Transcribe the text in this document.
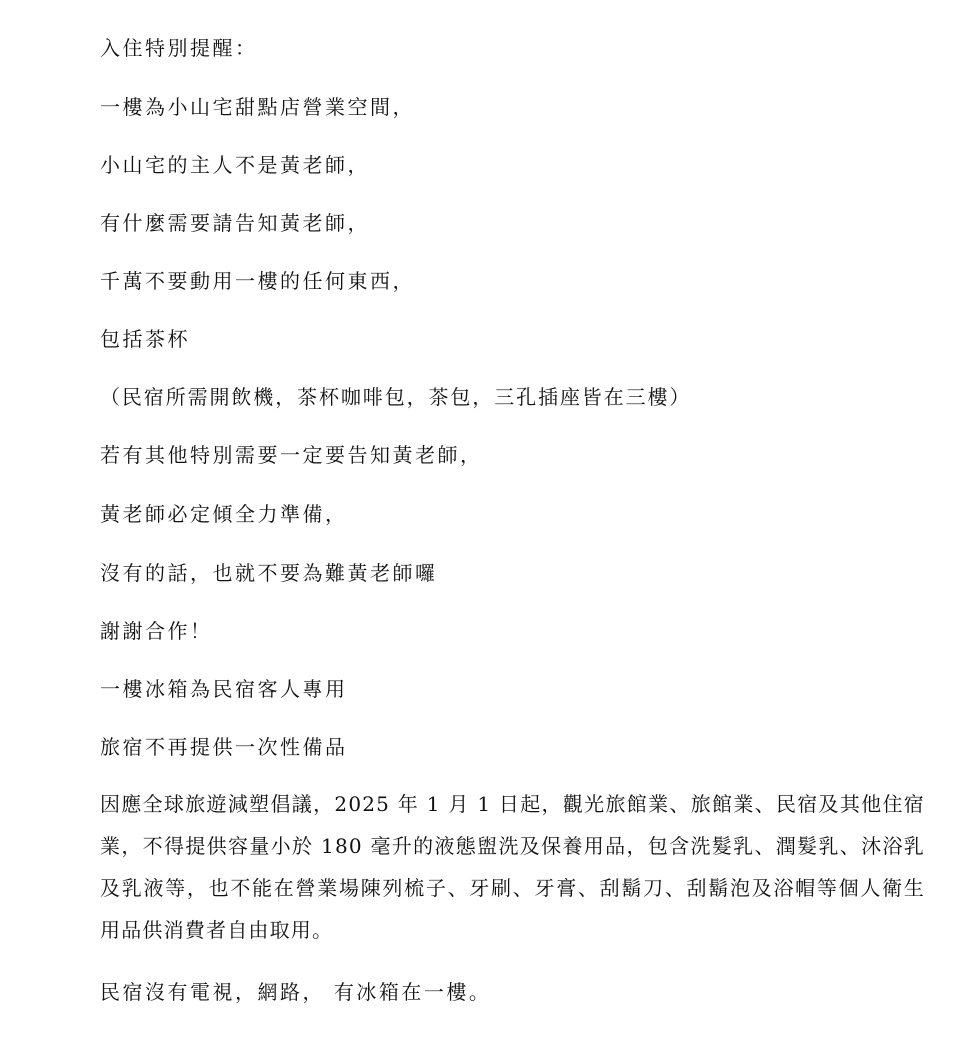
入住特別提醒：
一樓為小山宅甜點店營業空間，
小山宅的主人不是黃老師，
有什麼需要請告知黃老師，
千萬不要動用一樓的任何東西，
包括茶杯
（民宿所需開飲機，茶杯咖啡包，茶包，三孔插座皆在三樓）
若有其他特別需要一定要告知黃老師，
黃老師必定傾全力準備，
沒有的話，也就不要為難黃老師囉
謝謝合作！
一樓冰箱為民宿客人專用
旅宿不再提供一次性備品
因應全球旅遊減塑倡議，2025 年 1 月 1 日起，觀光旅館業、旅館業、民宿及其他住宿業，不得提供容量小於 180 毫升的液態盥洗及保養用品，包含洗髮乳、潤髮乳、沐浴乳及乳液等，也不能在營業場陳列梳子、牙刷、牙膏、刮鬍刀、刮鬍泡及浴帽等個人衛生用品供消費者自由取用。
民宿沒有電視，網路， 有冰箱在一樓。
